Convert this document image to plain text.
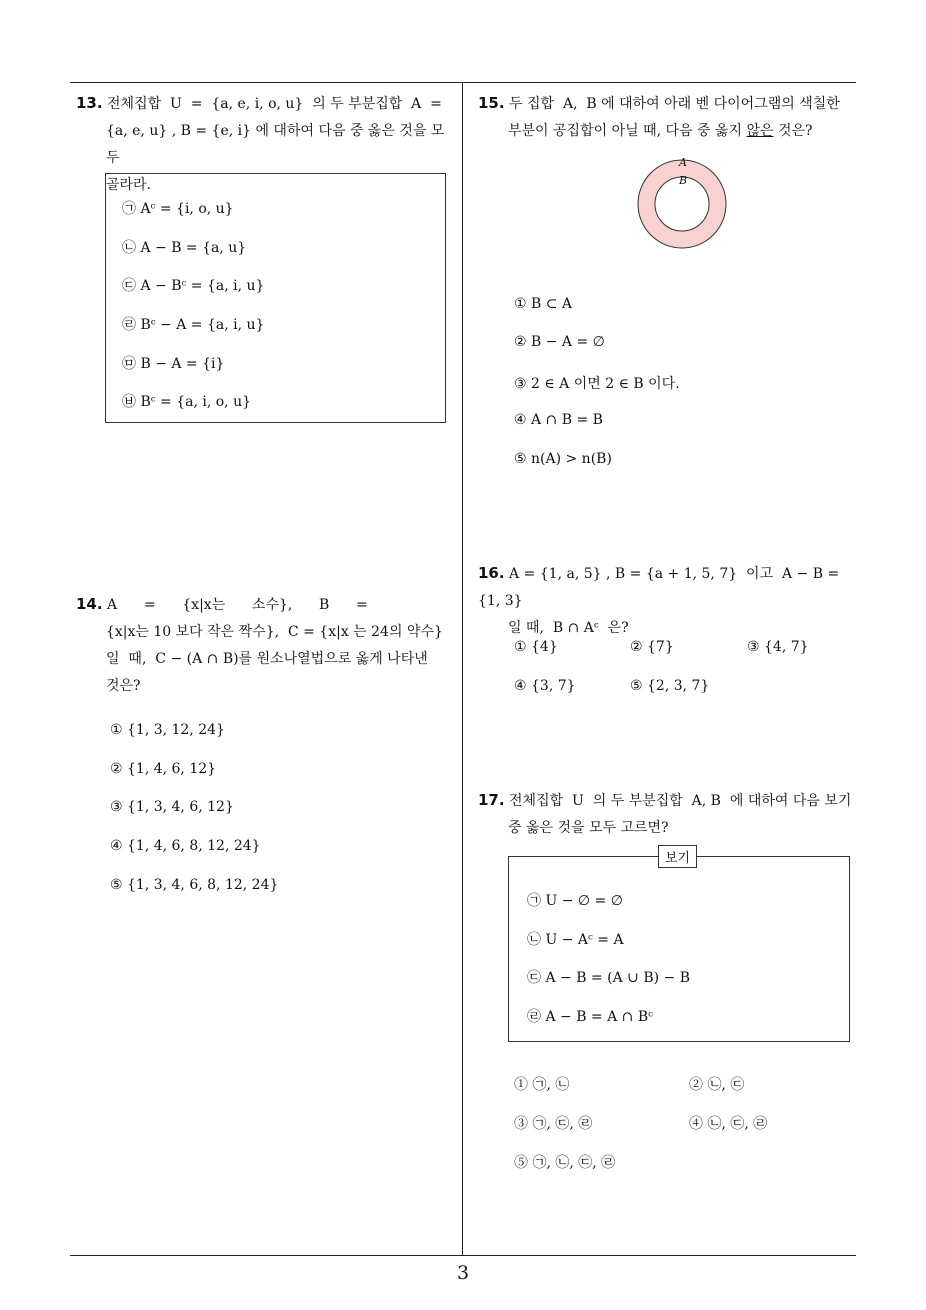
13. 전체집합  U  =  {a, e, i, o, u}  의 두 부분집합  A  =
{a, e, u} , B = {e, i} 에 대하여 다음 중 옳은 것을 모두
골라라.
㉠ Aᶜ = {i, o, u}
㉡ A − B = {a, u}
㉢ A − Bᶜ = {a, i, u}
㉣ Bᶜ − A = {a, i, u}
㉤ B − A = {i}
㉥ Bᶜ = {a, i, o, u}
14. A      =      {x|x는      소수},      B      =
{x|x는 10 보다 작은 짝수},  C = {x|x 는 24의 약수}
일  때,  C − (A ∩ B)를 원소나열법으로 옳게 나타낸
것은?
① {1, 3, 12, 24}
② {1, 4, 6, 12}
③ {1, 3, 4, 6, 12}
④ {1, 4, 6, 8, 12, 24}
⑤ {1, 3, 4, 6, 8, 12, 24}
15. 두 집합  A,  B 에 대하여 아래 벤 다이어그램의 색칠한
부분이 공집합이 아닐 때, 다음 중 옳지 않은 것은?
A
B
① B ⊂ A
② B − A = ∅
③ 2 ∈ A 이면 2 ∈ B 이다.
④ A ∩ B = B
⑤ n(A) > n(B)
16. A = {1, a, 5} , B = {a + 1, 5, 7}  이고  A − B = {1, 3}
일 때,  B ∩ Aᶜ  은?
① {4}	② {7}	③ {4, 7}
④ {3, 7}	⑤ {2, 3, 7}
17. 전체집합  U  의 두 부분집합  A, B  에 대하여 다음 보기
중 옳은 것을 모두 고르면?
㉠ U − ∅ = ∅
㉡ U − Aᶜ = A
㉢ A − B = (A ∪ B) − B
㉣ A − B = A ∩ Bᶜ
보기
① ㉠, ㉡	② ㉡, ㉢
③ ㉠, ㉢, ㉣	④ ㉡, ㉢, ㉣
⑤ ㉠, ㉡, ㉢, ㉣
3
